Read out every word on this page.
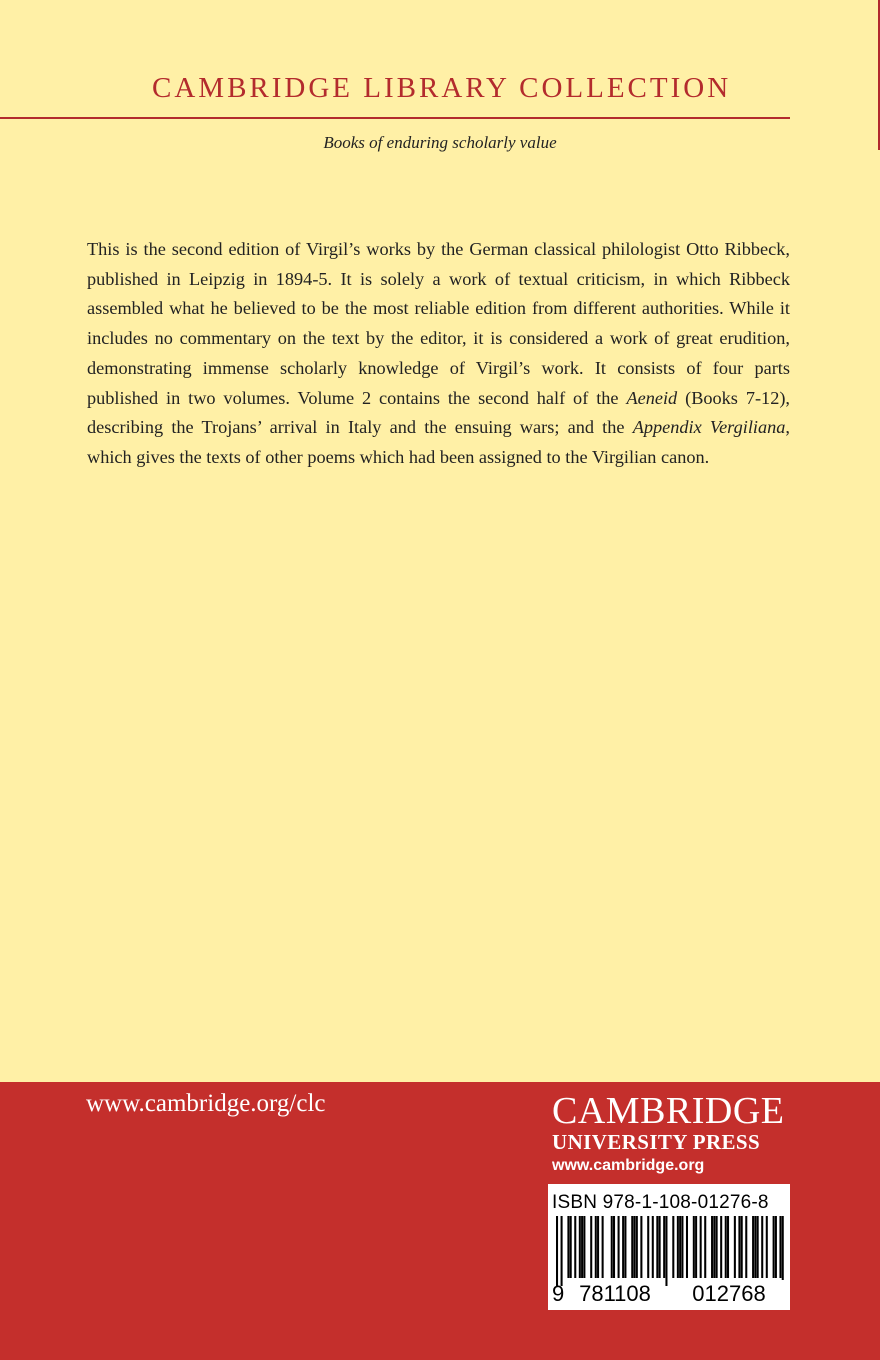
CAMBRIDGE LIBRARY COLLECTION
Books of enduring scholarly value
This is the second edition of Virgil’s works by the German classical philologist Otto Ribbeck, published in Leipzig in 1894-5. It is solely a work of textual criticism, in which Ribbeck assembled what he believed to be the most reliable edition from different authorities. While it includes no commentary on the text by the editor, it is considered a work of great erudition, demonstrating immense scholarly knowledge of Virgil’s work. It consists of four parts published in two volumes. Volume 2 contains the second half of the Aeneid (Books 7-12), describing the Trojans’ arrival in Italy and the ensuing wars; and the Appendix Vergiliana, which gives the texts of other poems which had been assigned to the Virgilian canon.
www.cambridge.org/clc	CAMBRIDGE
UNIVERSITY PRESS
www.cambridge.org
ISBN 978-1-108-01276-8
9 781108	012768
